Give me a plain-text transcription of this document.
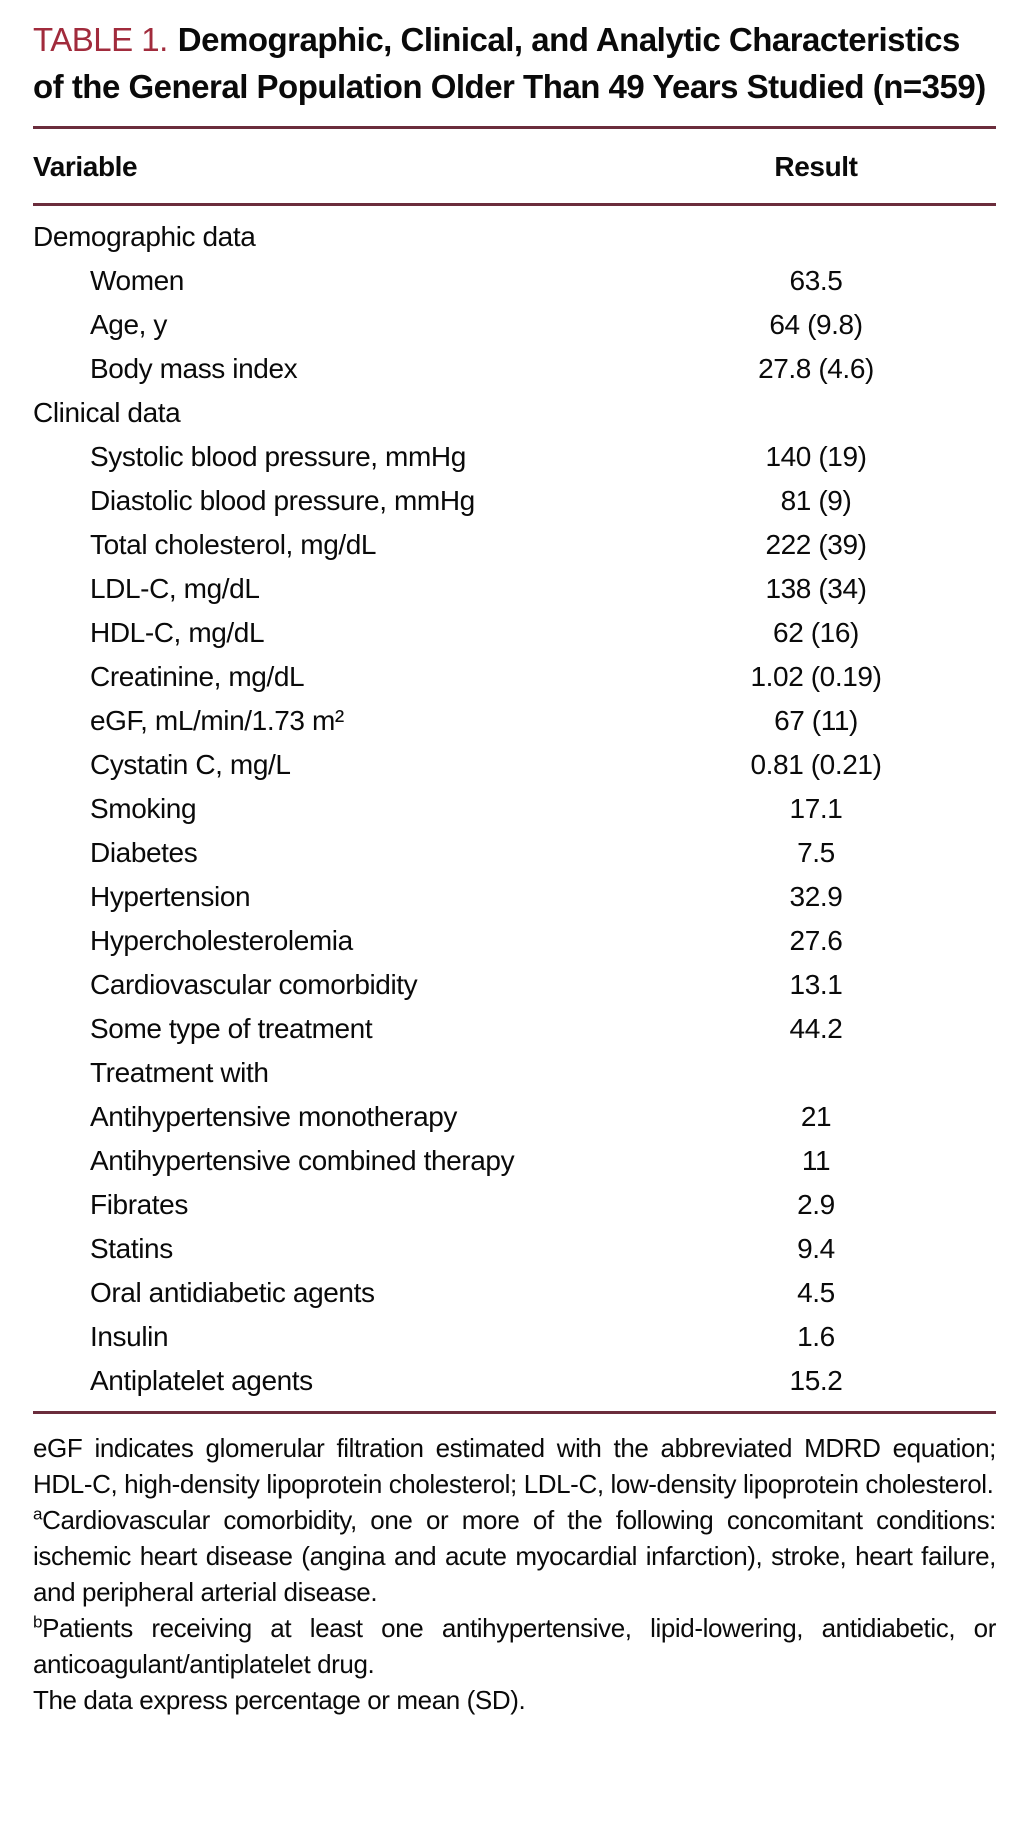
TABLE 1. Demographic, Clinical, and Analytic Characteristics of the General Population Older Than 49 Years Studied (n=359)
Variable	Result
Demographic data
Women	63.5
Age, y	64 (9.8)
Body mass index	27.8 (4.6)
Clinical data
Systolic blood pressure, mmHg	140 (19)
Diastolic blood pressure, mmHg	81 (9)
Total cholesterol, mg/dL	222 (39)
LDL-C, mg/dL	138 (34)
HDL-C, mg/dL	62 (16)
Creatinine, mg/dL	1.02 (0.19)
eGF, mL/min/1.73 m²	67 (11)
Cystatin C, mg/L	0.81 (0.21)
Smoking	17.1
Diabetes	7.5
Hypertension	32.9
Hypercholesterolemia	27.6
Cardiovascular comorbidity	13.1
Some type of treatment	44.2
Treatment with
Antihypertensive monotherapy	21
Antihypertensive combined therapy	11
Fibrates	2.9
Statins	9.4
Oral antidiabetic agents	4.5
Insulin	1.6
Antiplatelet agents	15.2

eGF indicates glomerular filtration estimated with the abbreviated MDRD equation; HDL-C, high-density lipoprotein cholesterol; LDL-C, low-density lipoprotein cholesterol.

$^a$Cardiovascular comorbidity, one or more of the following concomitant conditions: ischemic heart disease (angina and acute myocardial infarction), stroke, heart failure, and peripheral arterial disease.

$^b$Patients receiving at least one antihypertensive, lipid-lowering, antidiabetic, or anticoagulant/antiplatelet drug.

The data express percentage or mean (SD).
